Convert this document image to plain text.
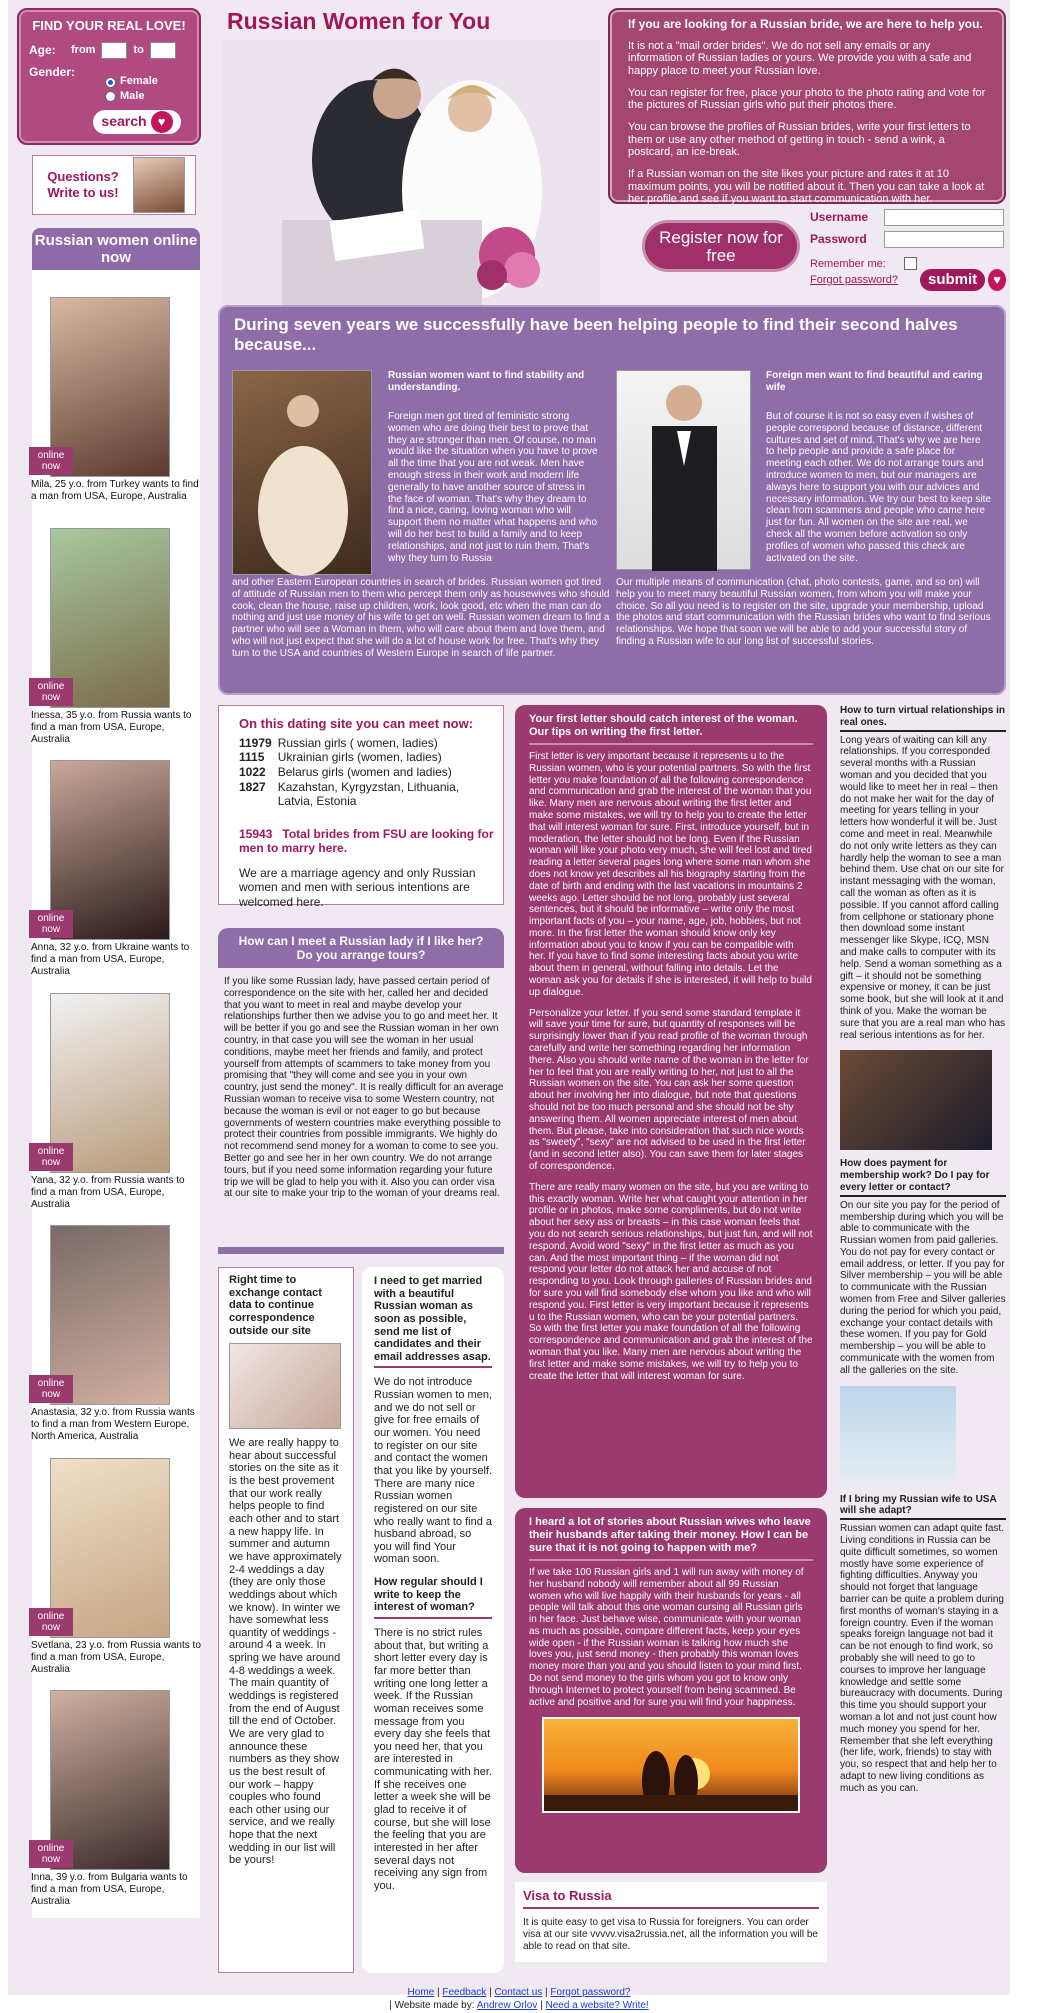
FIND YOUR REAL LOVE!
Age:	from	to
Gender:
Female
Male
search ♥
Questions? Write to us!
Russian women online now
online now
Mila, 25 y.o. from Turkey wants to find a man from USA, Europe, Australia
online now
Inessa, 35 y.o. from Russia wants to find a man from USA, Europe, Australia
online now
Anna, 32 y.o. from Ukraine wants to find a man from USA, Europe, Australia
online now
Yana, 32 y.o. from Russia wants to find a man from USA, Europe, Australia
online now
Anastasia, 32 y.o. from Russia wants to find a man from Western Europe, North America, Australia
online now
Svetlana, 23 y.o. from Russia wants to find a man from USA, Europe, Australia
online now
Inna, 39 y.o. from Bulgaria wants to find a man from USA, Europe, Australia
Russian Women for You	If you are looking for a Russian bride, we are here to help you.

It is not a "mail order brides". We do not sell any emails or any information of Russian ladies or yours. We provide you with a safe and happy place to meet your Russian love.

You can register for free, place your photo to the photo rating and vote for the pictures of Russian girls who put their photos there.

You can browse the profiles of Russian brides, write your first letters to them or use any other method of getting in touch - send a wink, a postcard, an ice-break.

If a Russian woman on the site likes your picture and rates it at 10 maximum points, you will be notified about it. Then you can take a look at her profile and see if you want to start communication with her.

Register now for free
Username
Password
Remember me:
Forgot password?	submit	♥
During seven years we successfully have been helping people to find their second halves because...
Russian women want to find stability and understanding.
Foreign men got tired of feministic strong women who are doing their best to prove that they are stronger than men. Of course, no man would like the situation when you have to prove all the time that you are not weak. Men have enough stress in their work and modern life generally to have another source of stress in the face of woman. That's why they dream to find a nice, caring, loving woman who will support them no matter what happens and who will do her best to build a family and to keep relationships, and not just to ruin them. That's why they turn to Russia
and other Eastern European countries in search of brides. Russian women got tired of attitude of Russian men to them who percept them only as housewives who should cook, clean the house, raise up children, work, look good, etc when the man can do nothing and just use money of his wife to get on well. Russian women dream to find a partner who will see a Woman in them, who will care about them and love them, and who will not just expect that she will do a lot of house work for free. That's why they turn to the USA and countries of Western Europe in search of life partner.
Foreign men want to find beautiful and caring wife
But of course it is not so easy even if wishes of people correspond because of distance, different cultures and set of mind. That's why we are here to help people and provide a safe place for meeting each other. We do not arrange tours and introduce women to men, but our managers are always here to support you with our advices and necessary information. We try our best to keep site clean from scammers and people who came here just for fun. All women on the site are real, we check all the women before activation so only profiles of women who passed this check are activated on the site.
Our multiple means of communication (chat, photo contests, game, and so on) will help you to meet many beautiful Russian women, from whom you will make your choice. So all you need is to register on the site, upgrade your membership, upload the photos and start communication with the Russian brides who want to find serious relationships. We hope that soon we will be able to add your successful story of finding a Russian wife to our long list of successful stories.
On this dating site you can meet now:
11979	Russian girls ( women, ladies)
1115	Ukrainian girls (women, ladies)
1022	Belarus girls (women and ladies)
1827	Kazahstan, Kyrgyzstan, Lithuania, Latvia, Estonia
15943 Total brides from FSU are looking for men to marry here.
We are a marriage agency and only Russian women and men with serious intentions are welcomed here.
How can I meet a Russian lady if I like her? Do you arrange tours?
If you like some Russian lady, have passed certain period of correspondence on the site with her, called her and decided that you want to meet in real and maybe develop your relationships further then we advise you to go and meet her. It will be better if you go and see the Russian woman in her own country, in that case you will see the woman in her usual conditions, maybe meet her friends and family, and protect yourself from attempts of scammers to take money from you promising that "they will come and see you in your own country, just send the money". It is really difficult for an average Russian woman to receive visa to some Western country, not because the woman is evil or not eager to go but because governments of western countries make everything possible to protect their countries from possible immigrants. We highly do not recommend send money for a woman to come to see you. Better go and see her in her own country. We do not arrange tours, but if you need some information regarding your future trip we will be glad to help you with it. Also you can order visa at our site to make your trip to the woman of your dreams real.
Right time to exchange contact data to continue correspondence outside our site
We are really happy to hear about successful stories on the site as it is the best provement that our work really helps people to find each other and to start a new happy life. In summer and autumn we have approximately 2-4 weddings a day (they are only those weddings about which we know). In winter we have somewhat less quantity of weddings - around 4 a week. In spring we have around 4-8 weddings a week. The main quantity of weddings is registered from the end of August till the end of October. We are very glad to announce these numbers as they show us the best result of our work – happy couples who found each other using our service, and we really hope that the next wedding in our list will be yours!
I need to get married with a beautiful Russian woman as soon as possible, send me list of candidates and their email addresses asap.
We do not introduce Russian women to men, and we do not sell or give for free emails of our women. You need to register on our site and contact the women that you like by yourself. There are many nice Russian women registered on our site who really want to find a husband abroad, so you will find Your woman soon.
How regular should I write to keep the interest of woman?
There is no strict rules about that, but writing a short letter every day is far more better than writing one long letter a week. If the Russian woman receives some message from you every day she feels that you need her, that you are interested in communicating with her. If she receives one letter a week she will be glad to receive it of course, but she will lose the feeling that you are interested in her after several days not receiving any sign from you.
Your first letter should catch interest of the woman. Our tips on writing the first letter.

First letter is very important because it represents u to the Russian women, who is your potential partners. So with the first letter you make foundation of all the following correspondence and communication and grab the interest of the woman that you like. Many men are nervous about writing the first letter and make some mistakes, we will try to help you to create the letter that will interest woman for sure. First, introduce yourself, but in moderation, the letter should not be long. Even if the Russian woman will like your photo very much, she will feel lost and tired reading a letter several pages long where some man whom she does not know yet describes all his biography starting from the date of birth and ending with the last vacations in mountains 2 weeks ago. Letter should be not long, probably just several sentences, but it should be informative – write only the most important facts of you – your name, age, job, hobbies, but not more. In the first letter the woman should know only key information about you to know if you can be compatible with her. If you have to find some interesting facts about you write about them in general, without falling into details. Let the woman ask you for details if she is interested, it will help to build up dialogue.

Personalize your letter. If you send some standard template it will save your time for sure, but quantity of responses will be surprisingly lower than if you read profile of the woman through carefully and write her something regarding her information there. Also you should write name of the woman in the letter for her to feel that you are really writing to her, not just to all the Russian women on the site. You can ask her some question about her involving her into dialogue, but note that questions should not be too much personal and she should not be shy answering them. All women appreciate interest of men about them. But please, take into consideration that such nice words as "sweety", "sexy" are not advised to be used in the first letter (and in second letter also). You can save them for later stages of correspondence.

There are really many women on the site, but you are writing to this exactly woman. Write her what caught your attention in her profile or in photos, make some compliments, but do not write about her sexy ass or breasts – in this case woman feels that you do not search serious relationships, but just fun, and will not respond. Avoid word "sexy" in the first letter as much as you can. And the most important thing – if the woman did not respond your letter do not attack her and accuse of not responding to you. Look through galleries of Russian brides and for sure you will find somebody else whom you like and who will respond you. First letter is very important because it represents u to the Russian women, who can be your potential partners. So with the first letter you make foundation of all the following correspondence and communication and grab the interest of the woman that you like. Many men are nervous about writing the first letter and make some mistakes, we will try to help you to create the letter that will interest woman for sure.

I heard a lot of stories about Russian wives who leave their husbands after taking their money. How I can be sure that it is not going to happen with me?

If we take 100 Russian girls and 1 will run away with money of her husband nobody will remember about all 99 Russian women who will live happily with their husbands for years - all people will talk about this one woman cursing all Russian girls in her face. Just behave wise, communicate with your woman as much as possible, compare different facts, keep your eyes wide open - if the Russian woman is talking how much she loves you, just send money - then probably this woman loves money more than you and you should listen to your mind first. Do not send money to the girls whom you got to know only through Internet to protect yourself from being scammed. Be active and positive and for sure you will find your happiness.

Visa to Russia
It is quite easy to get visa to Russia for foreigners. You can order visa at our site vvvvv.visa2russia.net, all the information you will be able to read on that site.
How to turn virtual relationships in real ones.

Long years of waiting can kill any relationships. If you corresponded several months with a Russian woman and you decided that you would like to meet her in real – then do not make her wait for the day of meeting for years telling in your letters how wonderful it will be. Just come and meet in real. Meanwhile do not only write letters as they can hardly help the woman to see a man behind them. Use chat on our site for instant messaging with the woman, call the woman as often as it is possible. If you cannot afford calling from cellphone or stationary phone then download some instant messenger like Skype, ICQ, MSN and make calls to computer with its help. Send a woman something as a gift – it should not be something expensive or money, it can be just some book, but she will look at it and think of you. Make the woman be sure that you are a real man who has real serious intentions as for her.

How does payment for membership work? Do I pay for every letter or contact?

On our site you pay for the period of membership during which you will be able to communicate with the Russian women from paid galleries. You do not pay for every contact or email address, or letter. If you pay for Silver membership – you will be able to communicate with the Russian women from Free and Silver galleries during the period for which you paid, exchange your contact details with these women. If you pay for Gold membership – you will be able to communicate with the women from all the galleries on the site.

If I bring my Russian wife to USA will she adapt?

Russian women can adapt quite fast. Living conditions in Russia can be quite difficult sometimes, so women mostly have some experience of fighting difficulties. Anyway you should not forget that language barrier can be quite a problem during first months of woman's staying in a foreign country. Even if the woman speaks foreign language not bad it can be not enough to find work, so probably she will need to go to courses to improve her language knowledge and settle some bureaucracy with documents. During this time you should support your woman a lot and not just count how much money you spend for her. Remember that she left everything (her life, work, friends) to stay with you, so respect that and help her to adapt to new living conditions as much as you can.

Home | Feedback | Contact us | Forgot password?
| Website made by: Andrew Orlov | Need a website? Write!
